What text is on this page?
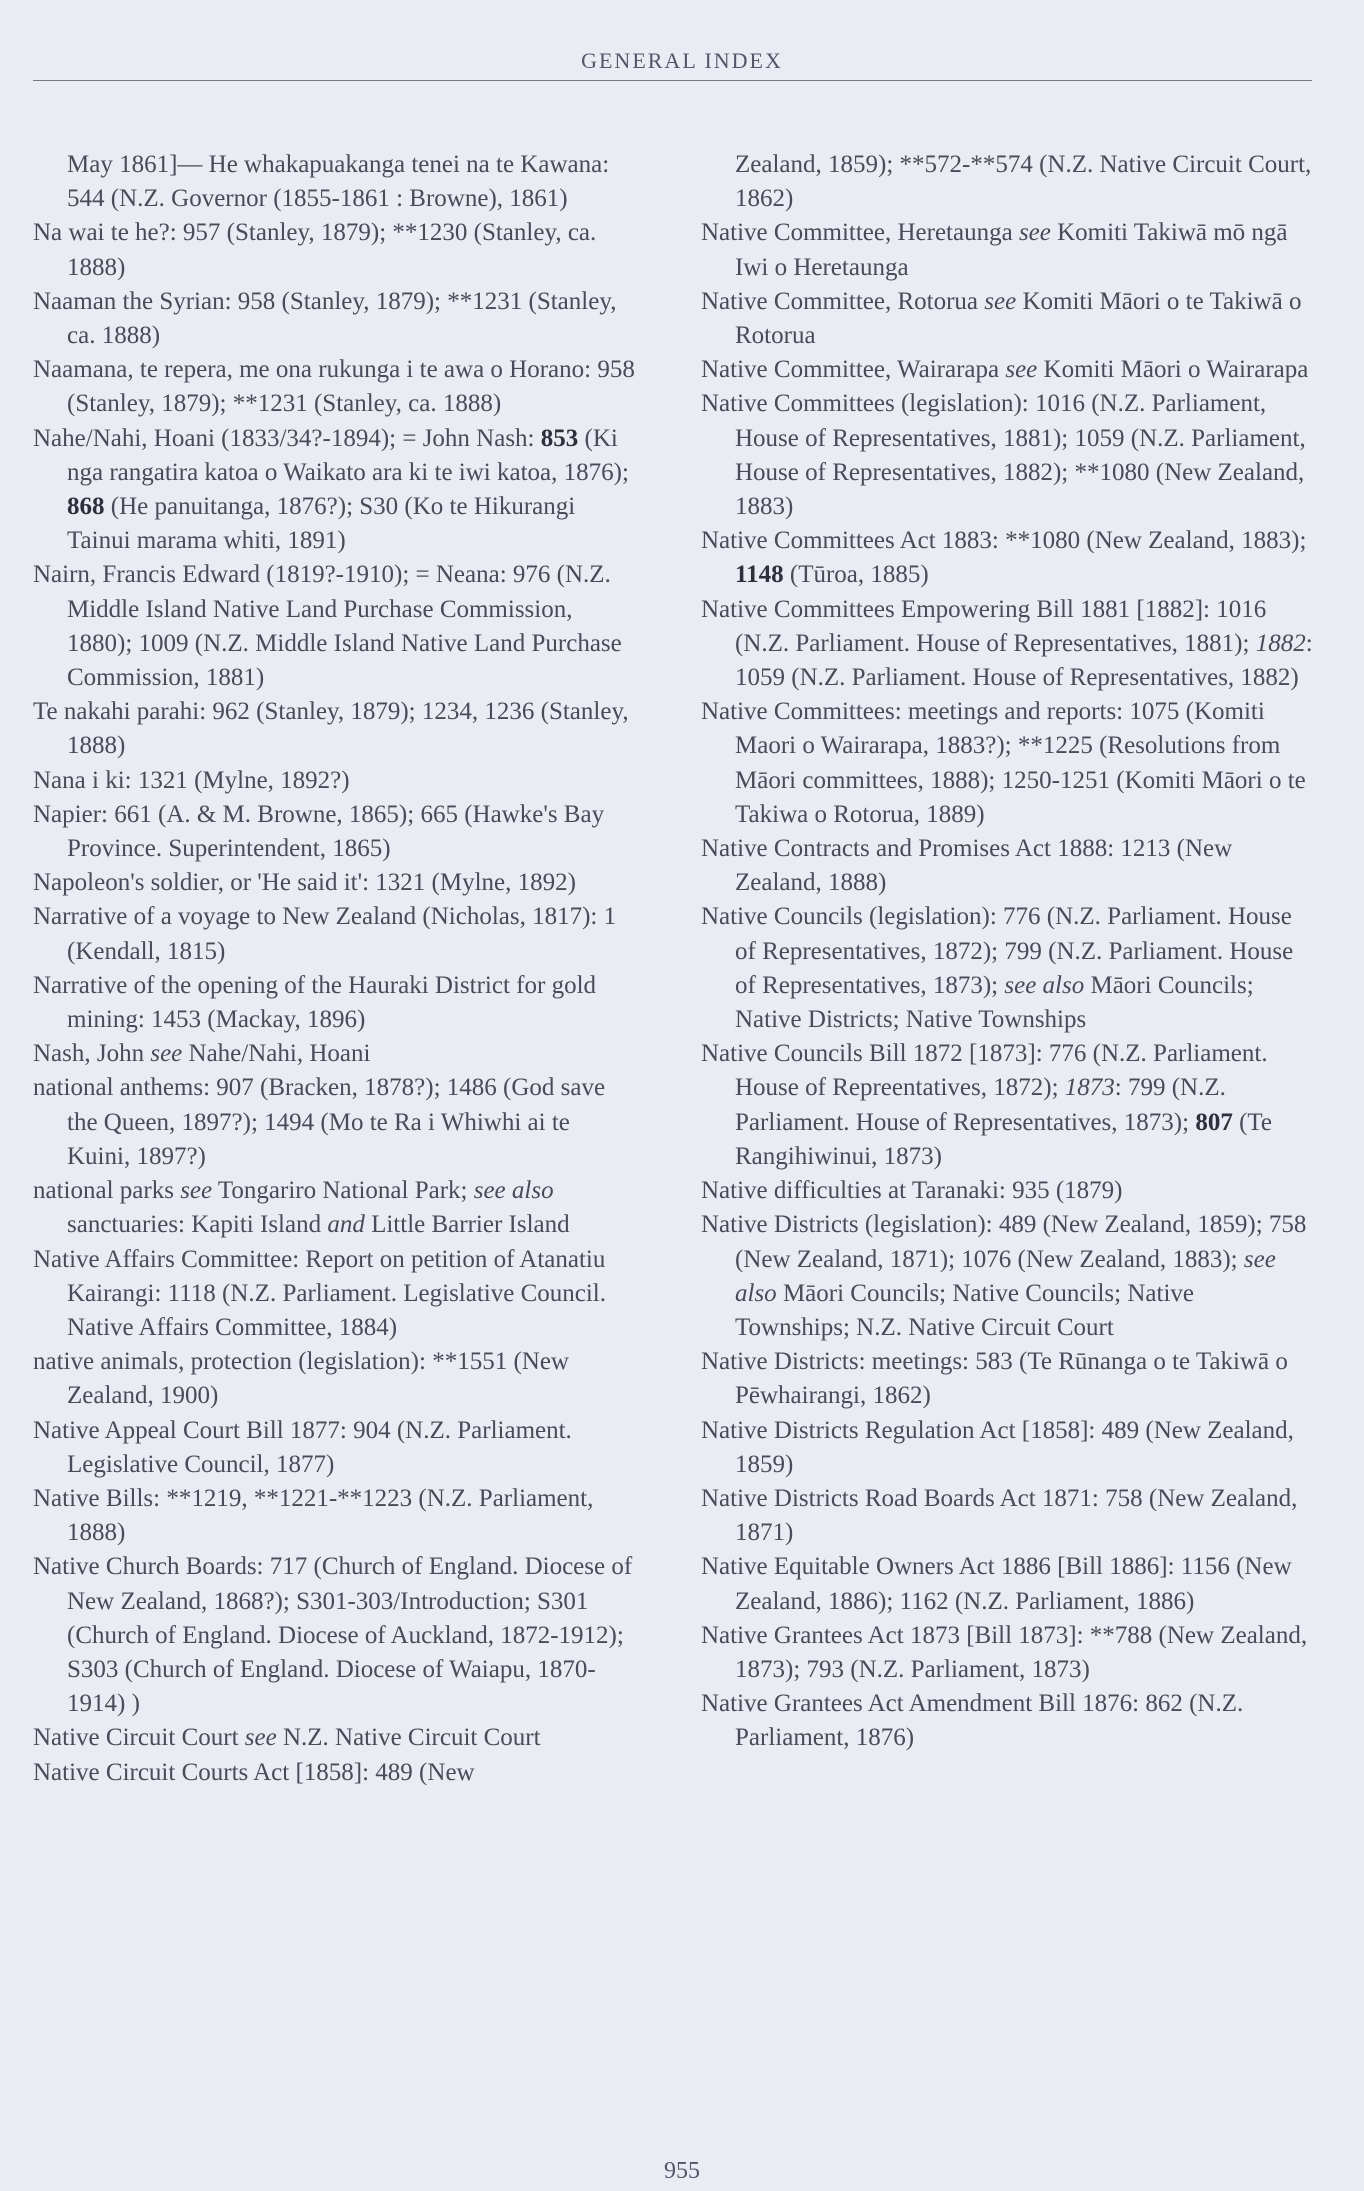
GENERAL INDEX

May 1861]— He whakapuakanga tenei na te Kawana: 544 (N.Z. Governor (1855-1861 : Browne), 1861)

Na wai te he?: 957 (Stanley, 1879); **1230 (Stanley, ca. 1888)

Naaman the Syrian: 958 (Stanley, 1879); **1231 (Stanley, ca. 1888)

Naamana, te repera, me ona rukunga i te awa o Horano: 958 (Stanley, 1879); **1231 (Stanley, ca. 1888)

Nahe/Nahi, Hoani (1833/34?-1894); = John Nash: 853 (Ki nga rangatira katoa o Waikato ara ki te iwi katoa, 1876); 868 (He panuitanga, 1876?); S30 (Ko te Hikurangi Tainui marama whiti, 1891)

Nairn, Francis Edward (1819?-1910); = Neana: 976 (N.Z. Middle Island Native Land Purchase Commission, 1880); 1009 (N.Z. Middle Island Native Land Purchase Commission, 1881)

Te nakahi parahi: 962 (Stanley, 1879); 1234, 1236 (Stanley, 1888)

Nana i ki: 1321 (Mylne, 1892?)

Napier: 661 (A. & M. Browne, 1865); 665 (Hawke's Bay Province. Superintendent, 1865)

Napoleon's soldier, or 'He said it': 1321 (Mylne, 1892)

Narrative of a voyage to New Zealand (Nicholas, 1817): 1 (Kendall, 1815)

Narrative of the opening of the Hauraki District for gold mining: 1453 (Mackay, 1896)

Nash, John see Nahe/Nahi, Hoani

national anthems: 907 (Bracken, 1878?); 1486 (God save the Queen, 1897?); 1494 (Mo te Ra i Whiwhi ai te Kuini, 1897?)

national parks see Tongariro National Park; see also sanctuaries: Kapiti Island and Little Barrier Island

Native Affairs Committee: Report on petition of Atanatiu Kairangi: 1118 (N.Z. Parliament. Legislative Council. Native Affairs Committee, 1884)

native animals, protection (legislation): **1551 (New Zealand, 1900)

Native Appeal Court Bill 1877: 904 (N.Z. Parliament. Legislative Council, 1877)

Native Bills: **1219, **1221-**1223 (N.Z. Parliament, 1888)

Native Church Boards: 717 (Church of England. Diocese of New Zealand, 1868?); S301-303/Introduction; S301 (Church of England. Diocese of Auckland, 1872-1912); S303 (Church of England. Diocese of Waiapu, 1870-1914) )

Native Circuit Court see N.Z. Native Circuit Court

Native Circuit Courts Act [1858]: 489 (New

Zealand, 1859); **572-**574 (N.Z. Native Circuit Court, 1862)

Native Committee, Heretaunga see Komiti Takiwā mō ngā Iwi o Heretaunga

Native Committee, Rotorua see Komiti Māori o te Takiwā o Rotorua

Native Committee, Wairarapa see Komiti Māori o Wairarapa

Native Committees (legislation): 1016 (N.Z. Parliament, House of Representatives, 1881); 1059 (N.Z. Parliament, House of Representatives, 1882); **1080 (New Zealand, 1883)

Native Committees Act 1883: **1080 (New Zealand, 1883); 1148 (Tūroa, 1885)

Native Committees Empowering Bill 1881 [1882]: 1016 (N.Z. Parliament. House of Representatives, 1881); 1882: 1059 (N.Z. Parliament. House of Representatives, 1882)

Native Committees: meetings and reports: 1075 (Komiti Maori o Wairarapa, 1883?); **1225 (Resolutions from Māori committees, 1888); 1250-1251 (Komiti Māori o te Takiwa o Rotorua, 1889)

Native Contracts and Promises Act 1888: 1213 (New Zealand, 1888)

Native Councils (legislation): 776 (N.Z. Parliament. House of Representatives, 1872); 799 (N.Z. Parliament. House of Representatives, 1873); see also Māori Councils; Native Districts; Native Townships

Native Councils Bill 1872 [1873]: 776 (N.Z. Parliament. House of Repreentatives, 1872); 1873: 799 (N.Z. Parliament. House of Representatives, 1873); 807 (Te Rangihiwinui, 1873)

Native difficulties at Taranaki: 935 (1879)

Native Districts (legislation): 489 (New Zealand, 1859); 758 (New Zealand, 1871); 1076 (New Zealand, 1883); see also Māori Councils; Native Councils; Native Townships; N.Z. Native Circuit Court

Native Districts: meetings: 583 (Te Rūnanga o te Takiwā o Pēwhairangi, 1862)

Native Districts Regulation Act [1858]: 489 (New Zealand, 1859)

Native Districts Road Boards Act 1871: 758 (New Zealand, 1871)

Native Equitable Owners Act 1886 [Bill 1886]: 1156 (New Zealand, 1886); 1162 (N.Z. Parliament, 1886)

Native Grantees Act 1873 [Bill 1873]: **788 (New Zealand, 1873); 793 (N.Z. Parliament, 1873)

Native Grantees Act Amendment Bill 1876: 862 (N.Z. Parliament, 1876)

955
